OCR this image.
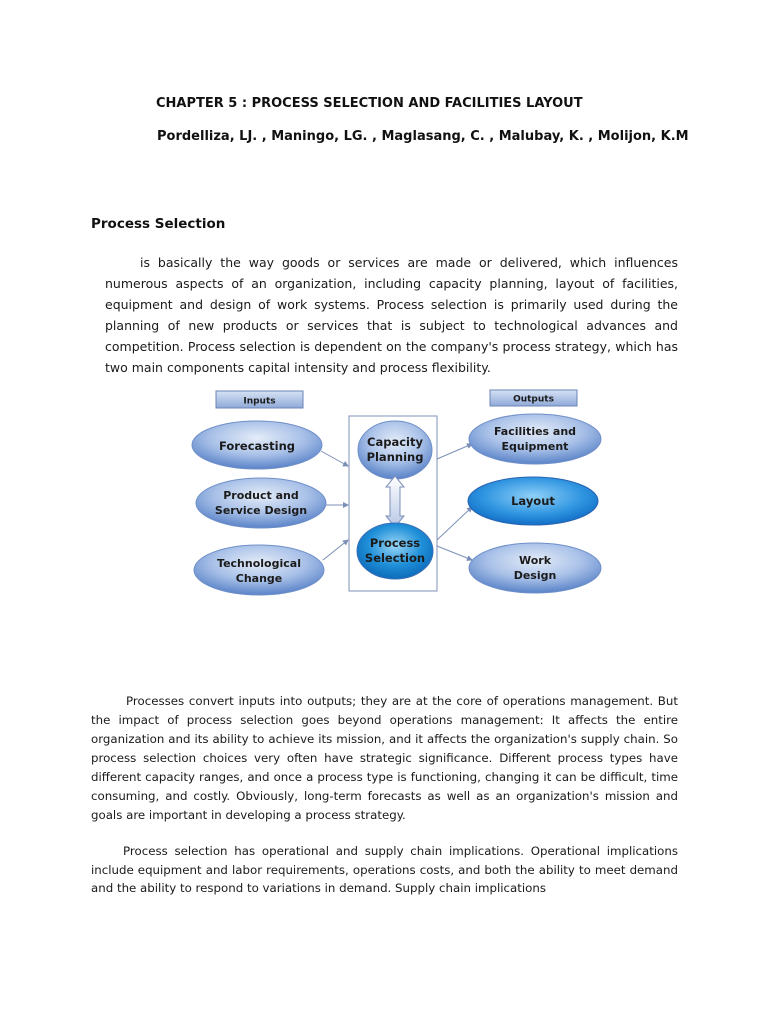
CHAPTER 5 : PROCESS SELECTION AND FACILITIES LAYOUT
Pordelliza, LJ. , Maningo, LG. , Maglasang, C. , Malubay, K. , Molijon, K.M
Process Selection

is basically the way goods or services are made or delivered, which influences numerous aspects of an organization, including capacity planning, layout of facilities, equipment and design of work systems. Process selection is primarily used during the planning of new products or services that is subject to technological advances and competition. Process selection is dependent on the company's process strategy, which has two main components capital intensity and process flexibility.

Inputs	Outputs
Forecasting
Product and
Service Design
Technological
Change
Capacity
Planning
Process
Selection
Facilities and
Equipment
Layout
Work
Design

Processes convert inputs into outputs; they are at the core of operations management. But the impact of process selection goes beyond operations management: It affects the entire organization and its ability to achieve its mission, and it affects the organization's supply chain. So process selection choices very often have strategic significance. Different process types have different capacity ranges, and once a process type is functioning, changing it can be difficult, time consuming, and costly. Obviously, long-term forecasts as well as an organization's mission and goals are important in developing a process strategy.

Process selection has operational and supply chain implications. Operational implications include equipment and labor requirements, operations costs, and both the ability to meet demand and the ability to respond to variations in demand. Supply chain implications
